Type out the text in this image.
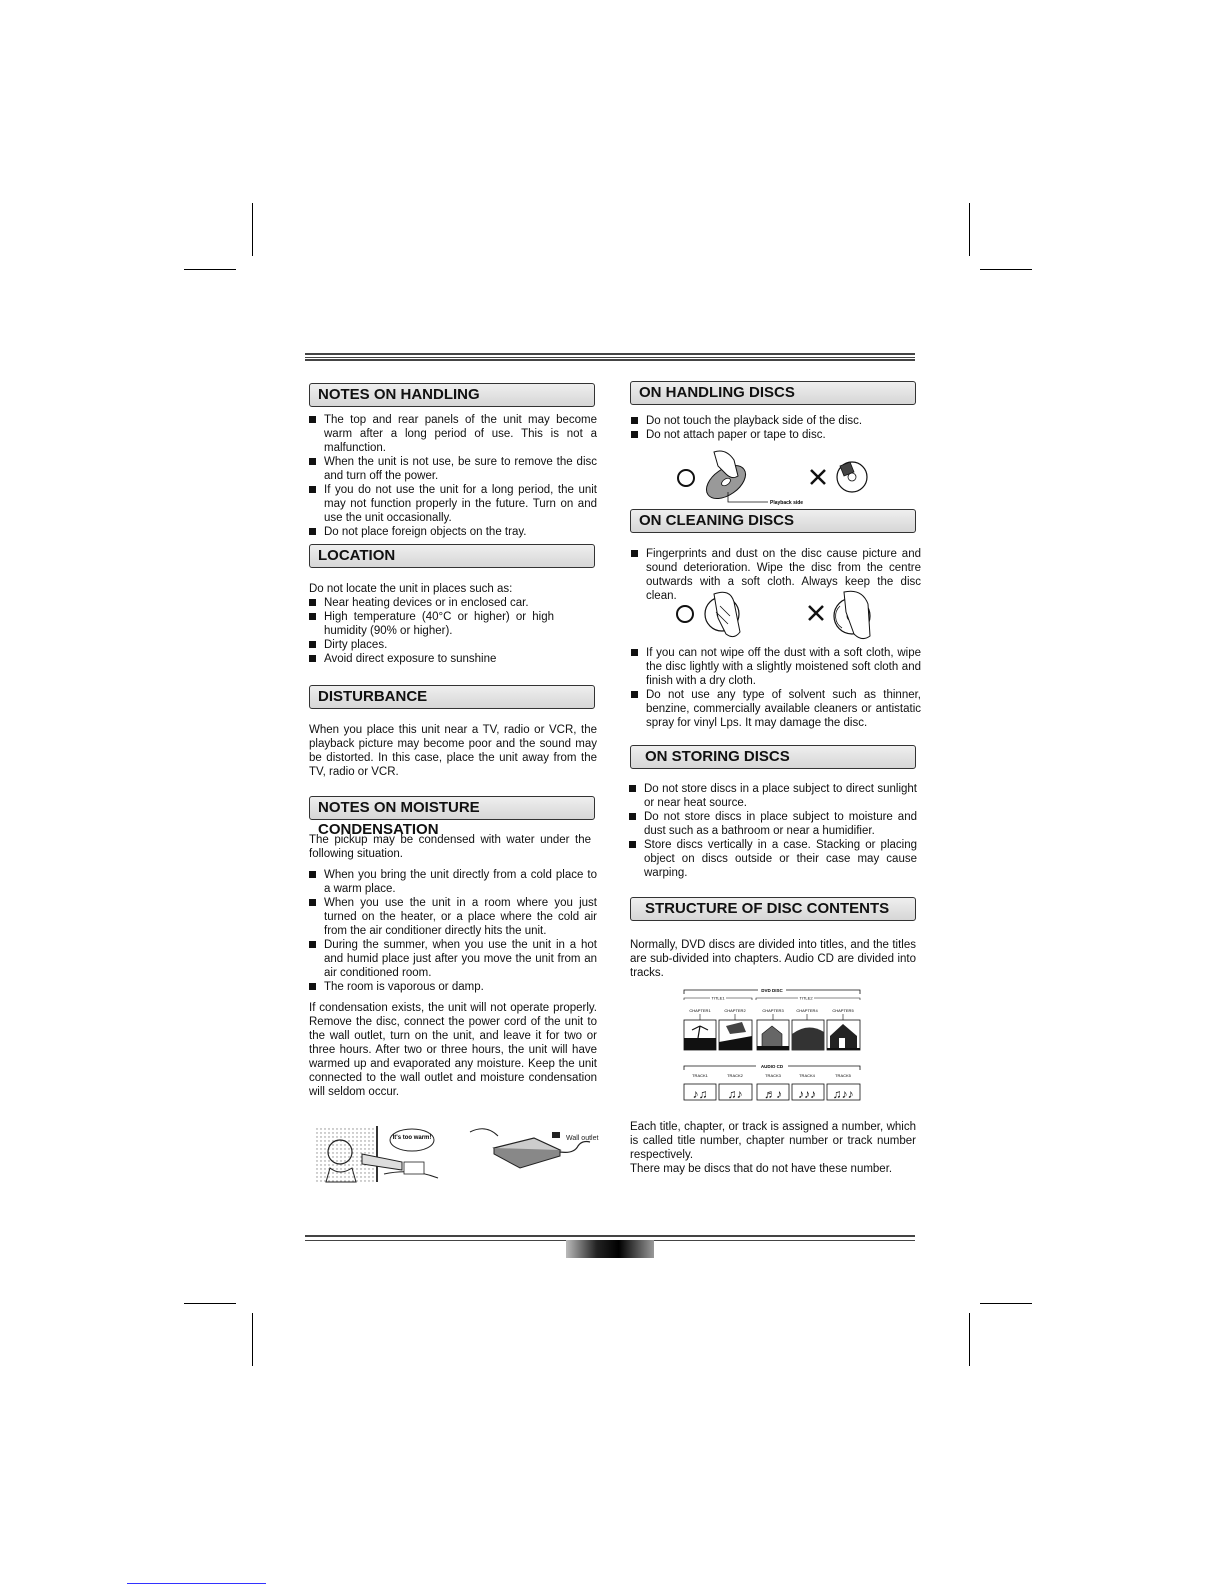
NOTES ON HANDLING
The top and rear panels of the unit may become warm after a long period of use. This is not a malfunction.
When the unit is not use, be sure to remove the disc and turn off the power.
If you do not use the unit for a long period, the unit may not function properly in the future. Turn on and use the unit occasionally.
Do not place foreign objects on the tray.
LOCATION
Do not locate the unit in places such as:
Near heating devices or in enclosed car.
High temperature (40°C or higher) or high humidity (90% or higher).
Dirty places.
Avoid direct exposure to sunshine
DISTURBANCE
When you place this unit near a TV, radio or VCR, the playback picture may become poor and the sound may be distorted. In this case, place the unit away from the TV, radio or VCR.
NOTES ON MOISTURE CONDENSATION
The pickup may be condensed with water under the following situation.
When you bring the unit directly from a cold place to a warm place.
When you use the unit in a room where you just turned on the heater, or a place where the cold air from the air conditioner directly hits the unit.
During the summer, when you use the unit in a hot and humid place just after you move the unit from an air conditioned room.
The room is vaporous or damp.
If condensation exists, the unit will not operate properly. Remove the disc, connect the power cord of the unit to the wall outlet, turn on the unit, and leave it for two or three hours. After two or three hours, the unit will have warmed up and evaporated any moisture. Keep the unit connected to the wall outlet and moisture condensation will seldom occur.
It's too warm!	Wall outlet
ON HANDLING DISCS
Do not touch the playback side of the disc.
Do not attach paper or tape to disc.
Playback side
ON CLEANING DISCS
Fingerprints and dust on the disc cause picture and sound deterioration. Wipe the disc from the centre outwards with a soft cloth. Always keep the disc clean.
If you can not wipe off the dust with a soft cloth, wipe the disc lightly with a slightly moistened soft cloth and finish with a dry cloth.
Do not use any type of solvent such as thinner, benzine, commercially available cleaners or antistatic spray for vinyl Lps. It may damage the disc.
ON STORING DISCS
Do not store discs in a place subject to direct sunlight or near heat source.
Do not store discs in place subject to moisture and dust such as a bathroom or near a humidifier.
Store discs vertically in a case. Stacking or placing object on discs outside or their case may cause warping.
STRUCTURE OF DISC CONTENTS
Normally, DVD discs are divided into titles, and the titles are sub-divided into chapters. Audio CD are divided into tracks.
DVD DISC
TITLE1	TITLE2
CHAPTER1	CHAPTER2	CHAPTER3	CHAPTER4	CHAPTER5
AUDIO CD
TRACK1	TRACK2	TRACK3	TRACK4	TRACK5
♪♫ ♫♪ ♬♪ ♪♪♪ ♫♪♪
Each title, chapter, or track is assigned a number, which is called title number, chapter number or track number respectively.
There may be discs that do not have these number.
